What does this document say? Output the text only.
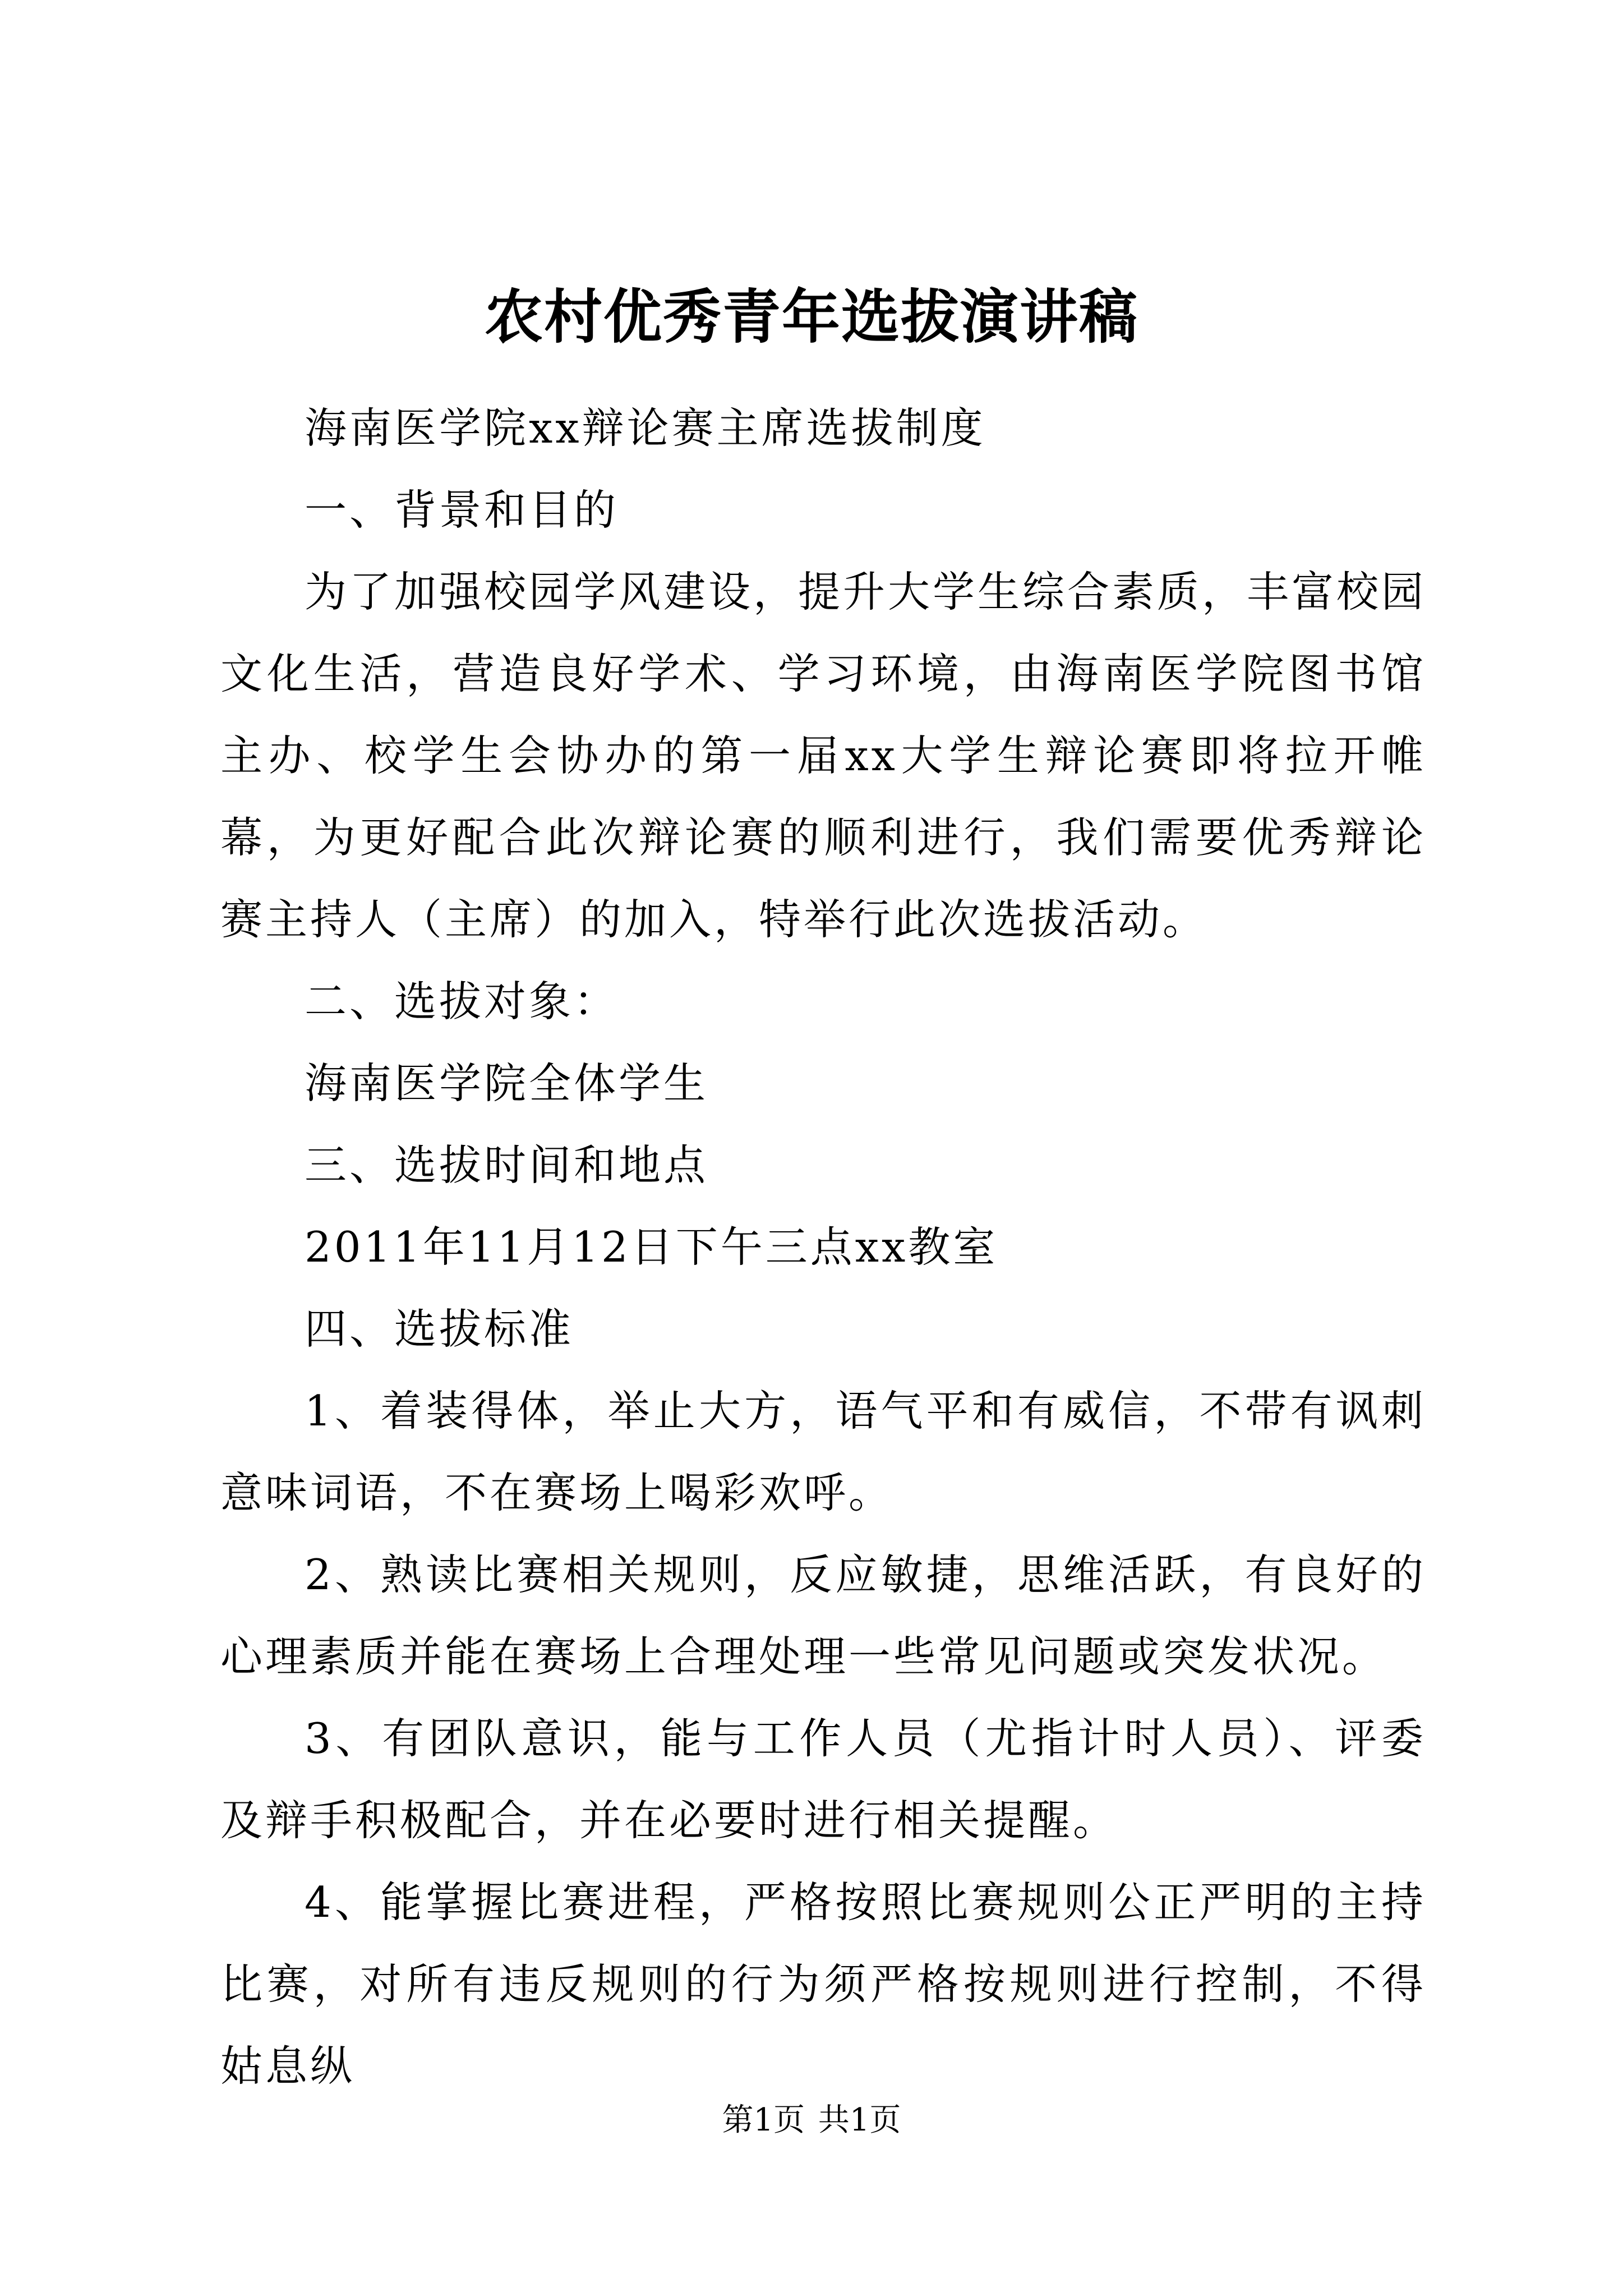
农村优秀青年选拔演讲稿

海南医学院xx辩论赛主席选拔制度

一、背景和目的

为了加强校园学风建设，提升大学生综合素质，丰富校园文化生活，营造良好学术、学习环境，由海南医学院图书馆主办、校学生会协办的第一届xx大学生辩论赛即将拉开帷幕，为更好配合此次辩论赛的顺利进行，我们需要优秀辩论赛主持人（主席）的加入，特举行此次选拔活动。

二、选拔对象：

海南医学院全体学生

三、选拔时间和地点

2011年11月12日下午三点xx教室

四、选拔标准

1、着装得体，举止大方，语气平和有威信，不带有讽刺意味词语，不在赛场上喝彩欢呼。

2、熟读比赛相关规则，反应敏捷，思维活跃，有良好的心理素质并能在赛场上合理处理一些常见问题或突发状况。

3、有团队意识，能与工作人员（尤指计时人员）、评委及辩手积极配合，并在必要时进行相关提醒。

4、能掌握比赛进程，严格按照比赛规则公正严明的主持比赛，对所有违反规则的行为须严格按规则进行控制，不得姑息纵

第1页 共1页
